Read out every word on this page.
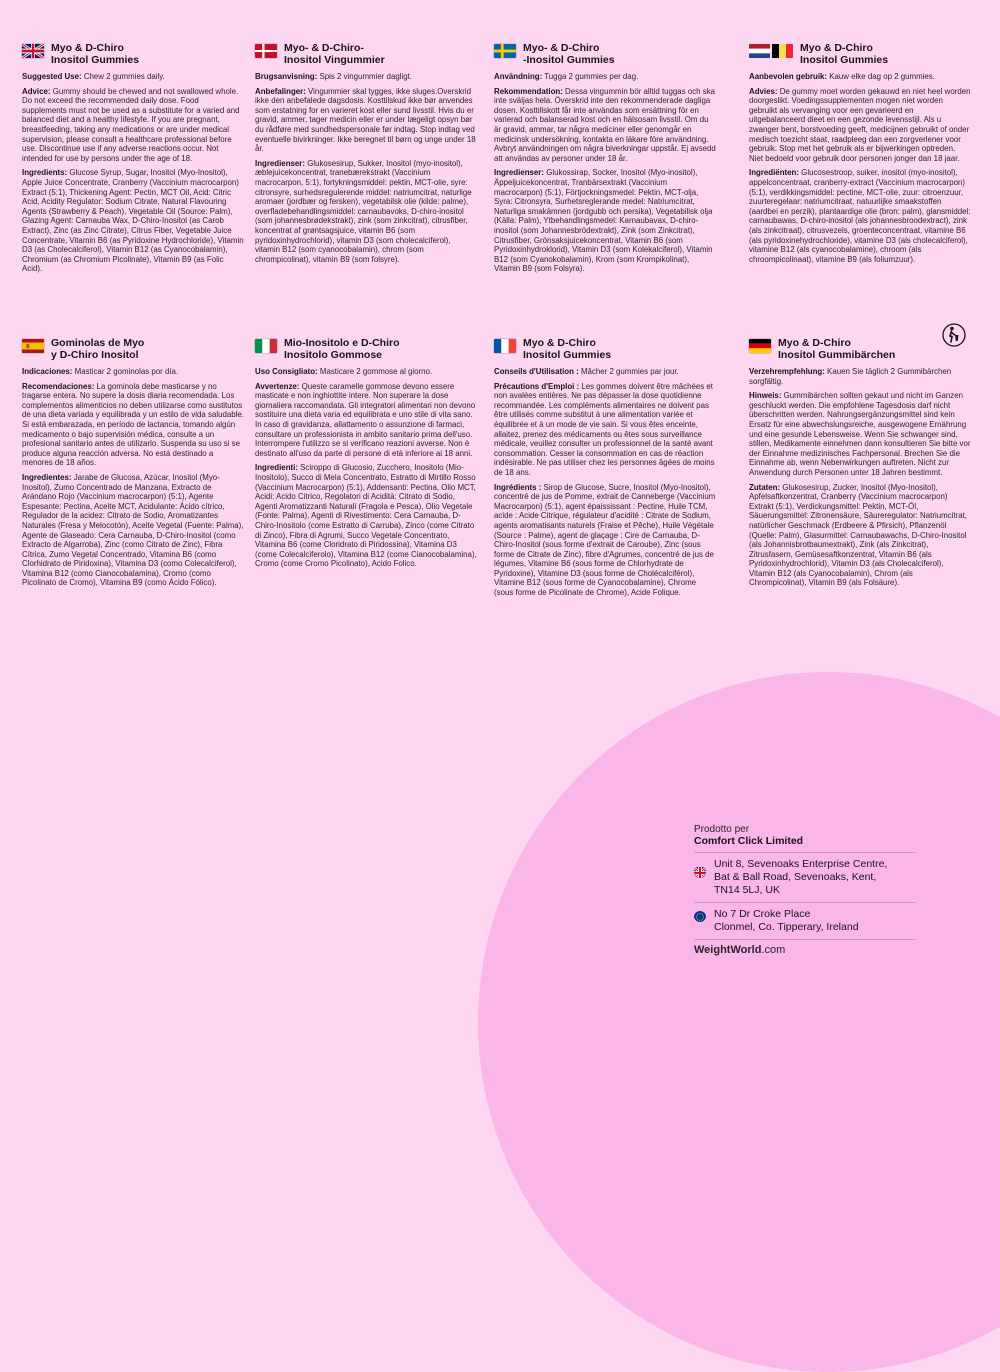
Myo & D-Chiro
Inositol Gummies

Suggested Use: Chew 2 gummies daily.

Advice: Gummy should be chewed and not swallowed whole. Do not exceed the recommended daily dose. Food supplements must not be used as a substitute for a varied and balanced diet and a healthy lifestyle. If you are pregnant, breastfeeding, taking any medications or are under medical supervision, please consult a healthcare professional before use. Discontinue use if any adverse reactions occur. Not intended for use by persons under the age of 18.

Ingredients: Glucose Syrup, Sugar, Inositol (Myo-Inositol), Apple Juice Concentrate, Cranberry (Vaccinium macrocarpon) Extract (5:1), Thickening Agent: Pectin, MCT Oil, Acid: Citric Acid, Acidity Regulator: Sodium Citrate, Natural Flavouring Agents (Strawberry & Peach), Vegetable Oil (Source: Palm), Glazing Agent: Carnauba Wax, D-Chiro-Inositol (as Carob Extract), Zinc (as Zinc Citrate), Citrus Fiber, Vegetable Juice Concentrate, Vitamin B6 (as Pyridoxine Hydrochloride), Vitamin D3 (as Cholecalciferol), Vitamin B12 (as Cyanocobalamin), Chromium (as Chromium Picolinate), Vitamin B9 (as Folic Acid).

Myo- & D-Chiro-
Inositol Vingummier

Brugsanvisning: Spis 2 vingummier dagligt.

Anbefalinger: Vingummier skal tygges, ikke sluges.Overskrid ikke den anbefalede dagsdosis. Kosttilskud ikke bør anvendes som erstatning for en varieret kost eller sund livsstil. Hvis du er gravid, ammer, tager medicin eller er under lægeligt opsyn bør du rådføre med sundhedspersonale før indtag. Stop indtag ved eventuelle bivirkninger. Ikke beregnet til børn og unge under 18 år.

Ingredienser: Glukosesirup, Sukker, Inositol (myo-inositol), æblejuicekoncentrat, tranebærekstrakt (Vaccinium macrocarpon, 5:1), fortykningsmiddel: pektin, MCT-olie, syre: citronsyre, surhedsregulerende middel: natriumcitrat, naturlige aromaer (jordbær og fersken), vegetabilsk olie (kilde: palme), overfladebehandlingsmiddel: carnaubavoks, D-chiro-inositol (som johannesbrødekstrakt), zink (som zinkcitrat), citrusfiber, koncentrat af grøntsagsjuice, vitamin B6 (som pyridoxinhydrochlorid), vitamin D3 (som cholecalciferol), vitamin B12 (som cyanocobalamin), chrom (som chrompicolinat), vitamin B9 (som folsyre).

Myo- & D-Chiro
-Inositol Gummies

Användning: Tugga 2 gummies per dag.

Rekommendation: Dessa vingummin bör alltid tuggas och ska inte sväljas hela. Överskrid inte den rekommenderade dagliga dosen. Kosttillskott får inte användas som ersättning för en varierad och balanserad kost och en hälsosam livsstil. Om du är gravid, ammar, tar några mediciner eller genomgår en medicinsk undersökning, kontakta en läkare före användning. Avbryt användningen om några biverkningar uppstår. Ej avsedd att användas av personer under 18 år.

Ingredienser: Glukossirap, Socker, Inositol (Myo-inositol), Äppeljuicekoncentrat, Tranbärsextrakt (Vaccinium macrocarpon) (5:1), Förtjockningsmedel: Pektin, MCT-olja, Syra: Citronsyra, Surhetsreglerande medel: Natriumcitrat, Naturliga smakämnen (jordgubb och persika), Vegetabilisk olja (Källa: Palm), Ytbehandlingsmedel: Karnaubavax, D-chiro-inositol (som Johannesbrödextrakt), Zink (som Zinkcitrat), Citrusfiber, Grönsaksjuicekoncentrat, Vitamin B6 (som Pyridoxinhydroklorid), Vitamin D3 (som Kolekalciferol), Vitamin B12 (som Cyanokobalamin), Krom (som Krompikolinat), Vitamin B9 (som Folsyra).

Myo & D-Chiro
Inositol Gummies

Aanbevolen gebruik: Kauw elke dag op 2 gummies.

Advies: De gummy moet worden gekauwd en niet heel worden doorgeslikt. Voedingssupplementen mogen niet worden gebruikt als vervanging voor een gevarieerd en uitgebalanceerd dieet en een gezonde levensstijl. Als u zwanger bent, borstvoeding geeft, medicijnen gebruikt of onder medisch toezicht staat, raadpleeg dan een zorgverlener voor gebruik. Stop met het gebruik als er bijwerkingen optreden. Niet bedoeld voor gebruik door personen jonger dan 18 jaar.

Ingrediënten: Glucosestroop, suiker, inositol (myo-inositol), appelconcentraat, cranberry-extract (Vaccinium macrocarpon) (5:1), verdikkingsmiddel: pectine, MCT-olie, zuur: citroenzuur, zuurteregelaar: natriumcitraat, natuurlijke smaakstoffen (aardbei en perzik), plantaardige olie (bron: palm), glansmiddel: carnaubawas, D-chiro-inositol (als johannesbroodextract), zink (als zinkcitraat), citrusvezels, groenteconcentraat, vitamine B6 (als pyridoxinehydrochloride), vitamine D3 (als cholecalciferol), vitamine B12 (als cyanocobalamine), chroom (als chroompicolinaat), vitamine B9 (als foliumzuur).

Gominolas de Myo
y D-Chiro Inositol

Indicaciones: Masticar 2 gominolas por día.

Recomendaciones: La gominola debe masticarse y no tragarse entera. No supere la dosis diaria recomendada. Los complementos alimenticios no deben utilizarse como sustitutos de una dieta variada y equilibrada y un estilo de vida saludable. Si está embarazada, en período de lactancia, tomando algún medicamento o bajo supervisión médica, consulte a un profesional sanitario antes de utilizarlo. Suspenda su uso si se produce alguna reacción adversa. No está destinado a menores de 18 años.

Ingredientes: Jarabe de Glucosa, Azúcar, Inositol (Myo-Inositol), Zumo Concentrado de Manzana, Extracto de Arándano Rojo (Vaccinium macrocarpon) (5:1), Agente Espesante: Pectina, Aceite MCT, Acidulante: Ácido cítrico, Regulador de la acidez: Citrato de Sodio, Aromatizantes Naturales (Fresa y Melocotón), Aceite Vegetal (Fuente: Palma), Agente de Glaseado: Cera Carnauba, D-Chiro-Inositol (como Extracto de Algarroba), Zinc (como Citrato de Zinc), Fibra Cítrica, Zumo Vegetal Concentrado, Vitamina B6 (como Clorhidrato de Piridoxina), Vitamina D3 (como Colecalciferol), Vitamina B12 (como Cianocobalamina), Cromo (como Picolinato de Cromo), Vitamina B9 (como Ácido Fólico).

Mio-Inositolo e D-Chiro
Inositolo Gommose

Uso Consigliato: Masticare 2 gommose al giorno.

Avvertenze: Queste caramelle gommose devono essere masticate e non inghiottite intere. Non superare la dose giornaliera raccomandata. Gli integratori alimentari non devono sostituire una dieta varia ed equilibrata e uno stile di vita sano. In caso di gravidanza, allattamento o assunzione di farmaci, consultare un professionista in ambito sanitario prima dell'uso. Interrompere l'utilizzo se si verificano reazioni avverse. Non è destinato all'uso da parte di persone di età inferiore ai 18 anni.

Ingredienti: Sciroppo di Glucosio, Zucchero, Inositolo (Mio-Inositolo), Succo di Mela Concentrato, Estratto di Mirtillo Rosso (Vaccinium Macrocarpon) (5:1), Addensanti: Pectina, Olio MCT, Acidi: Acido Citrico, Regolatori di Acidità: Citrato di Sodio, Agenti Aromatizzanti Naturali (Fragola e Pesca), Olio Vegetale (Fonte: Palma), Agenti di Rivestimento: Cera Carnauba, D-Chiro-Inositolo (come Estratto di Carruba), Zinco (come Citrato di Zinco), Fibra di Agrumi, Succo Vegetale Concentrato, Vitamina B6 (come Cloridrato di Piridossina), Vitamina D3 (come Colecalciferolo), Vitamina B12 (come Cianocobalamina), Cromo (come Cromo Picolinato), Acido Folico.

Myo & D-Chiro
Inositol Gummies

Conseils d'Utilisation : Mâcher 2 gummies par jour.

Précautions d'Emploi : Les gommes doivent être mâchées et non avalées entières. Ne pas dépasser la dose quotidienne recommandée. Les compléments alimentaires ne doivent pas être utilisés comme substitut à une alimentation variée et équilibrée et à un mode de vie sain. Si vous êtes enceinte, allaitez, prenez des médicaments ou êtes sous surveillance médicale, veuillez consulter un professionnel de la santé avant consommation. Cesser la consommation en cas de réaction indésirable. Ne pas utiliser chez les personnes âgées de moins de 18 ans.

Ingrédients : Sirop de Glucose, Sucre, Inositol (Myo-Inositol), concentré de jus de Pomme, extrait de Canneberge (Vaccinium Macrocarpon) (5:1), agent épaississant : Pectine, Huile TCM, acide : Acide Citrique, régulateur d'acidité : Citrate de Sodium, agents aromatisants naturels (Fraise et Pêche), Huile Végétale (Source : Palme), agent de glaçage : Cire de Carnauba, D-Chiro-Inositol (sous forme d'extrait de Caroube), Zinc (sous forme de Citrate de Zinc), fibre d'Agrumes, concentré de jus de légumes, Vitamine B6 (sous forme de Chlorhydrate de Pyridoxine), Vitamine D3 (sous forme de Cholécalciférol), Vitamine B12 (sous forme de Cyanocobalamine), Chrome (sous forme de Picolinate de Chrome), Acide Folique.

Myo & D-Chiro
Inositol Gummibärchen

Verzehrempfehlung: Kauen Sie täglich 2 Gummibärchen sorgfältig.

Hinweis: Gummibärchen sollten gekaut und nicht im Ganzen geschluckt werden. Die empfohlene Tagesdosis darf nicht überschritten werden. Nahrungsergänzungsmittel sind kein Ersatz für eine abwechslungsreiche, ausgewogene Ernährung und eine gesunde Lebensweise. Wenn Sie schwanger sind, stillen, Medikamente einnehmen dann konsultieren Sie bitte vor der Einnahme medizinisches Fachpersonal. Brechen Sie die Einnahme ab, wenn Nebenwirkungen auftreten. Nicht zur Anwendung durch Personen unter 18 Jahren bestimmt.

Zutaten: Glukosesirup, Zucker, Inositol (Myo-Inositol), Apfelsaftkonzentrat, Cranberry (Vaccinium macrocarpon) Extrakt (5:1), Verdickungsmittel: Pektin, MCT-Öl, Säuerungsmittel: Zitronensäure, Säureregulator: Natriumcitrat, natürlicher Geschmack (Erdbeere & Pfirsich), Pflanzenöl (Quelle: Palm), Glasurmittel: Carnaubawachs, D-Chiro-Inositol (als Johannisbrotbaumextrakt), Zink (als Zinkcitrat), Zitrusfasern, Gemüsesaftkonzentrat, Vitamin B6 (als Pyridoxinhydrochlorid), Vitamin D3 (als Cholecalciferol), Vitamin B12 (als Cyanocobalamin), Chrom (als Chrompicolinat), Vitamin B9 (als Folsäure).

Prodotto per
Comfort Click Limited
Unit 8, Sevenoaks Enterprise Centre,
Bat & Ball Road, Sevenoaks, Kent,
TN14 5LJ, UK
No 7 Dr Croke Place
Clonmel, Co. Tipperary, Ireland
WeightWorld.com
